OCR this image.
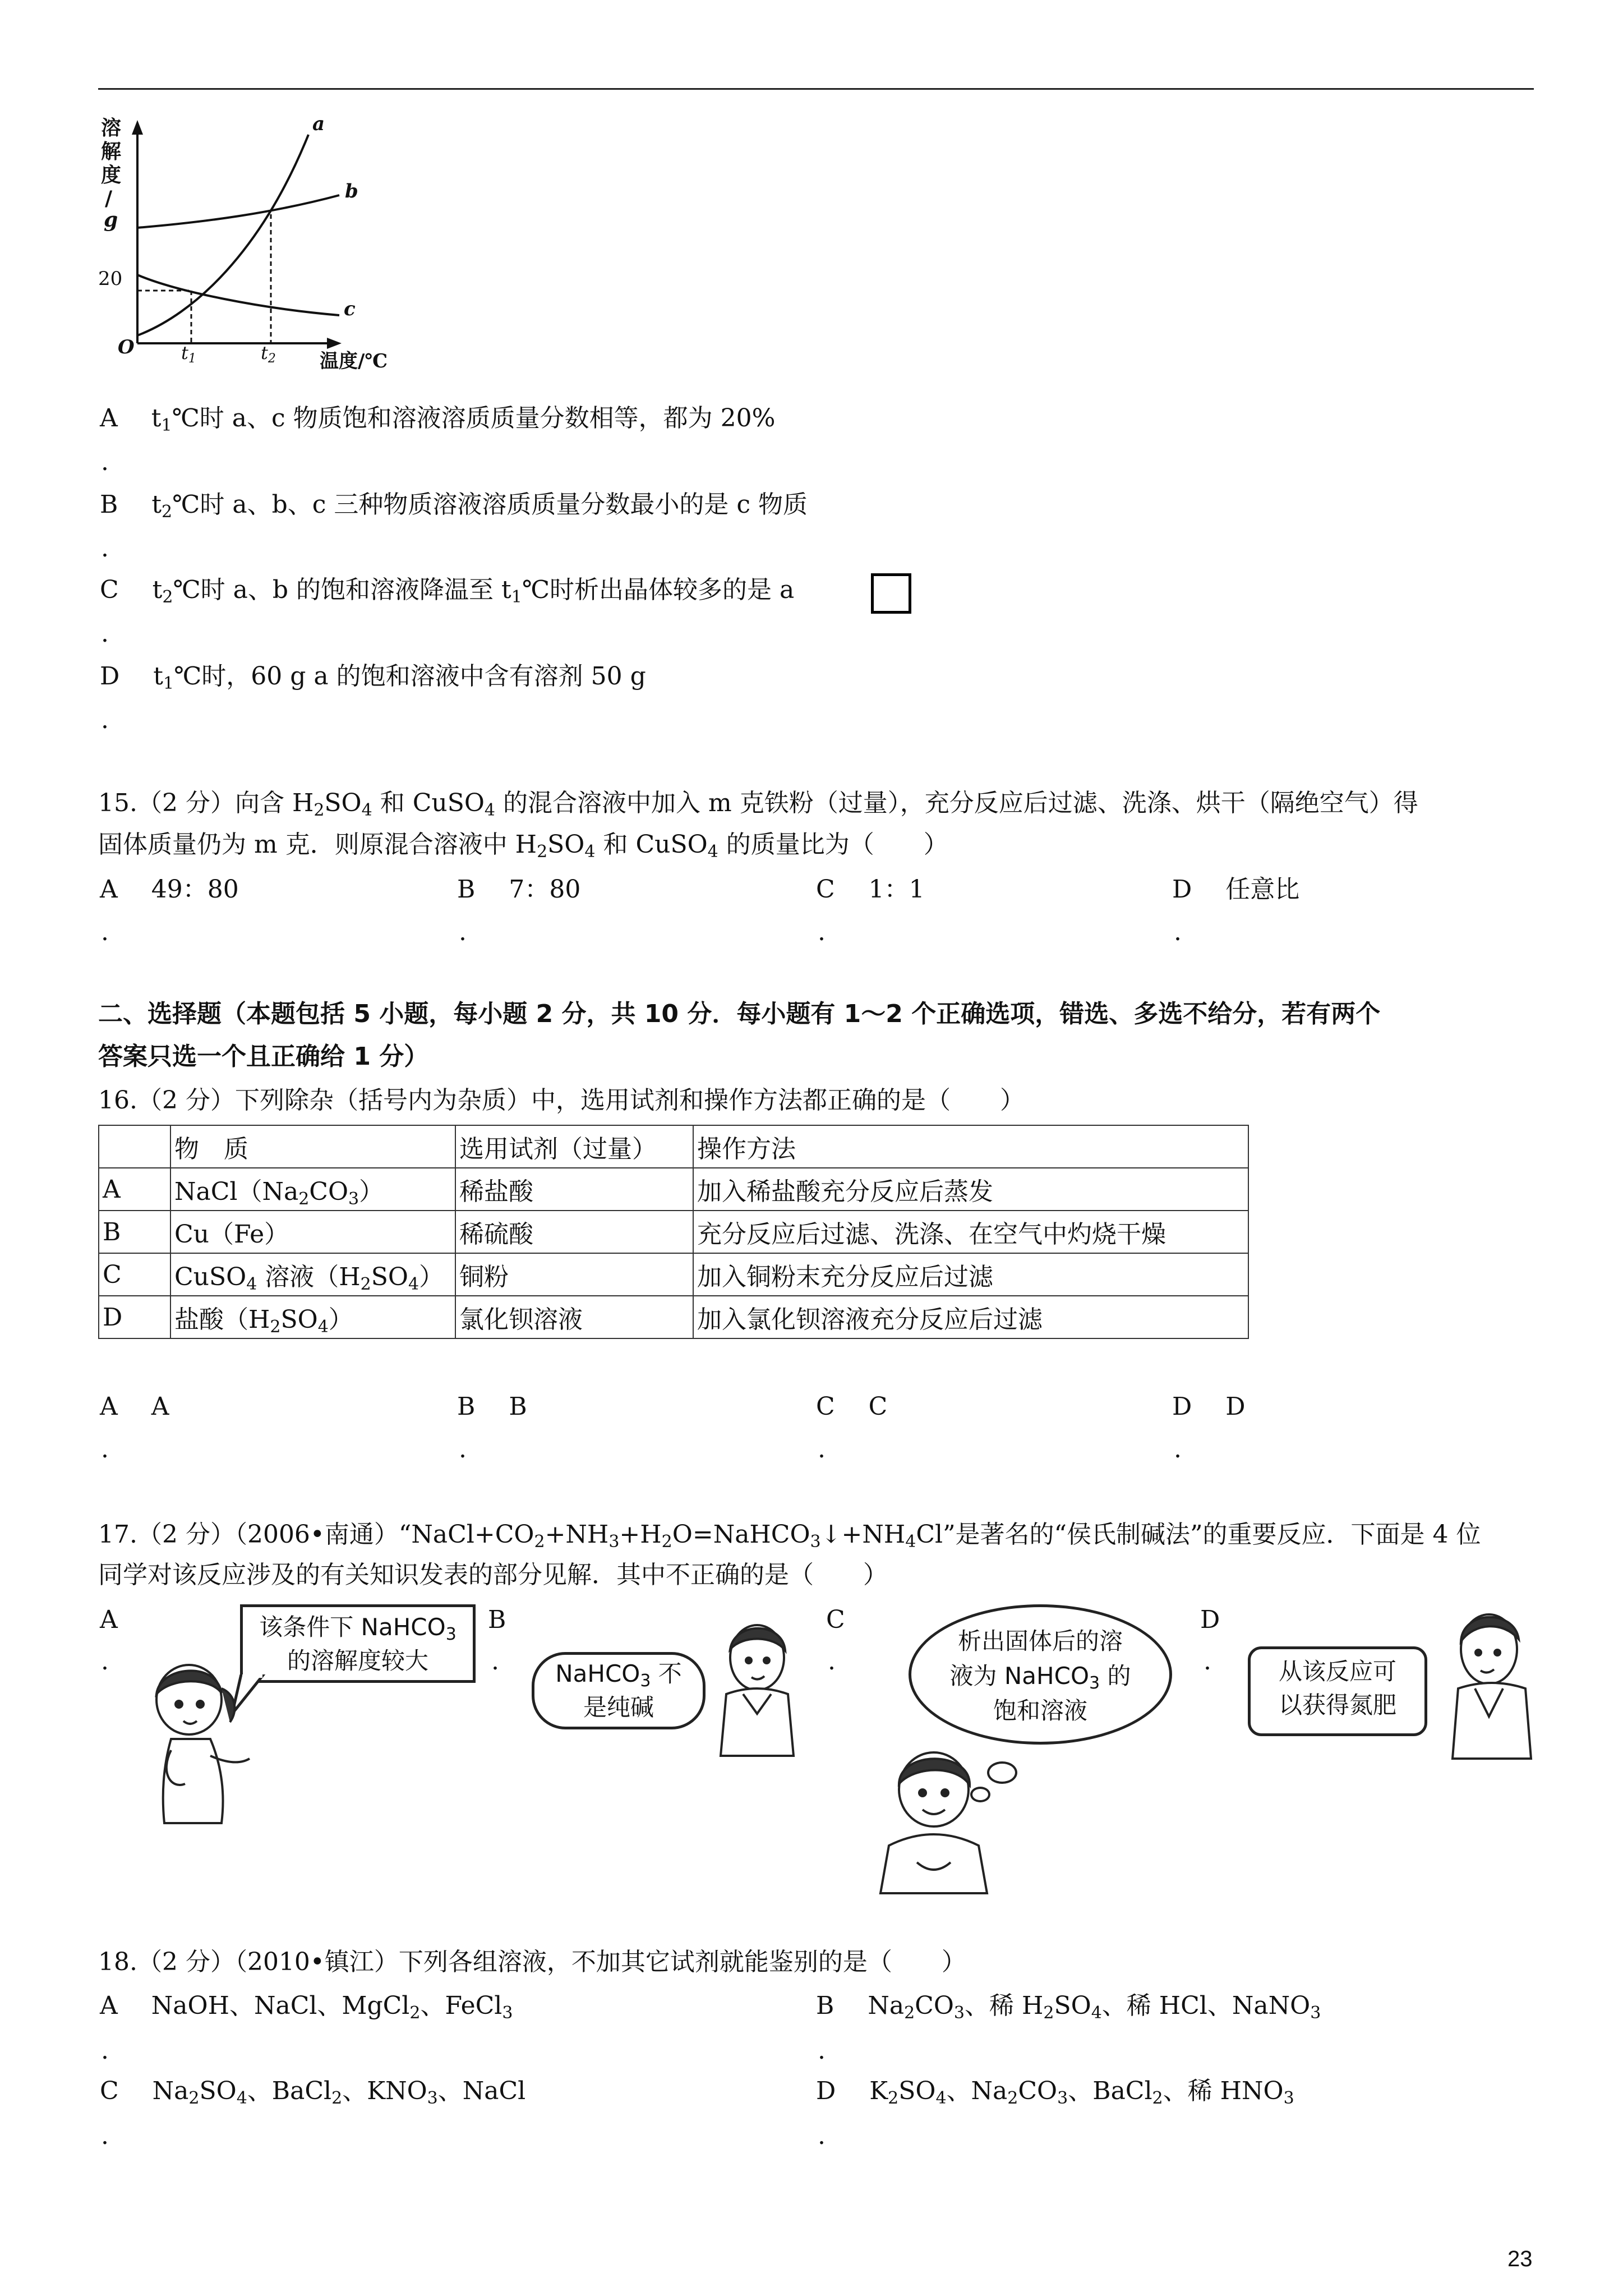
溶
解
度
/
g
20
O	t1	t2 温度/℃
a
b
c
A $t_1℃$时 a、c 物质饱和溶液溶质质量分数相等，都为 20%
.
B $t_2℃$时 a、b、c 三种物质溶液溶质质量分数最小的是 c 物质
.
C $t_2℃$时 a、b 的饱和溶液降温至 $t_1℃$时析出晶体较多的是 a
.
D $t_1℃$时，60 g a 的饱和溶液中含有溶剂 50 g
.
15.（2 分）向含 $H_2SO_4$ 和 CuSO$_4$ 的混合溶液中加入 m 克铁粉（过量），充分反应后过滤、洗涤、烘干（隔绝空气）得
固体质量仍为 m 克．则原混合溶液中 $H_2SO_4$ 和 CuSO$_4$ 的质量比为（　　）
A 49：80
.
B 7：80
.
C 1：1
.
D 任意比
.
二、选择题（本题包括 5 小题，每小题 2 分，共 10 分．每小题有 1～2 个正确选项，错选、多选不给分，若有两个
答案只选一个且正确给 1 分）
16.（2 分）下列除杂（括号内为杂质）中，选用试剂和操作方法都正确的是（　　）
	物　质	选用试剂（过量）	操作方法
A	$NaCl(Na_2CO_3)$	稀盐酸	加入稀盐酸充分反应后蒸发
B	Cu（Fe）	稀硫酸	充分反应后过滤、洗涤、在空气中灼烧干燥
C	CuSO$_4$ 溶液$(H_2SO_4)$	铜粉	加入铜粉末充分反应后过滤
D	盐酸$(H_2SO_4)$	氯化钡溶液	加入氯化钡溶液充分反应后过滤
A A
.
B B
.
C C
.
D D
.
17.（2 分）（2006•南通）“$NaCl+CO_2+NH_3+H_2O=NaHCO_3↓+NH_4Cl$”是著名的“侯氏制碱法”的重要反应．下面是 4 位
同学对该反应涉及的有关知识发表的部分见解．其中不正确的是（　　）
A
.
B
.
C
.
D
.
该条件下 NaHCO$_3$
的溶解度较大	NaHCO$_3$ 不
是纯碱
析出固体后的溶
液为 NaHCO$_3$ 的
饱和溶液
从该反应可
以获得氮肥
18.（2 分）（2010•镇江）下列各组溶液，不加其它试剂就能鉴别的是（　　）
A NaOH、NaCl、MgCl$_2$、FeCl$_3$
.
B $Na_2CO_3$、稀 $H_2SO_4$、稀 HCl、NaNO$_3$
.
C $Na_2SO_4$、BaCl$_2$、$KNO_3$、NaCl
.
D $K_2SO_4$、$Na_2CO_3$、BaCl$_2$、稀 $HNO_3$
.
23
